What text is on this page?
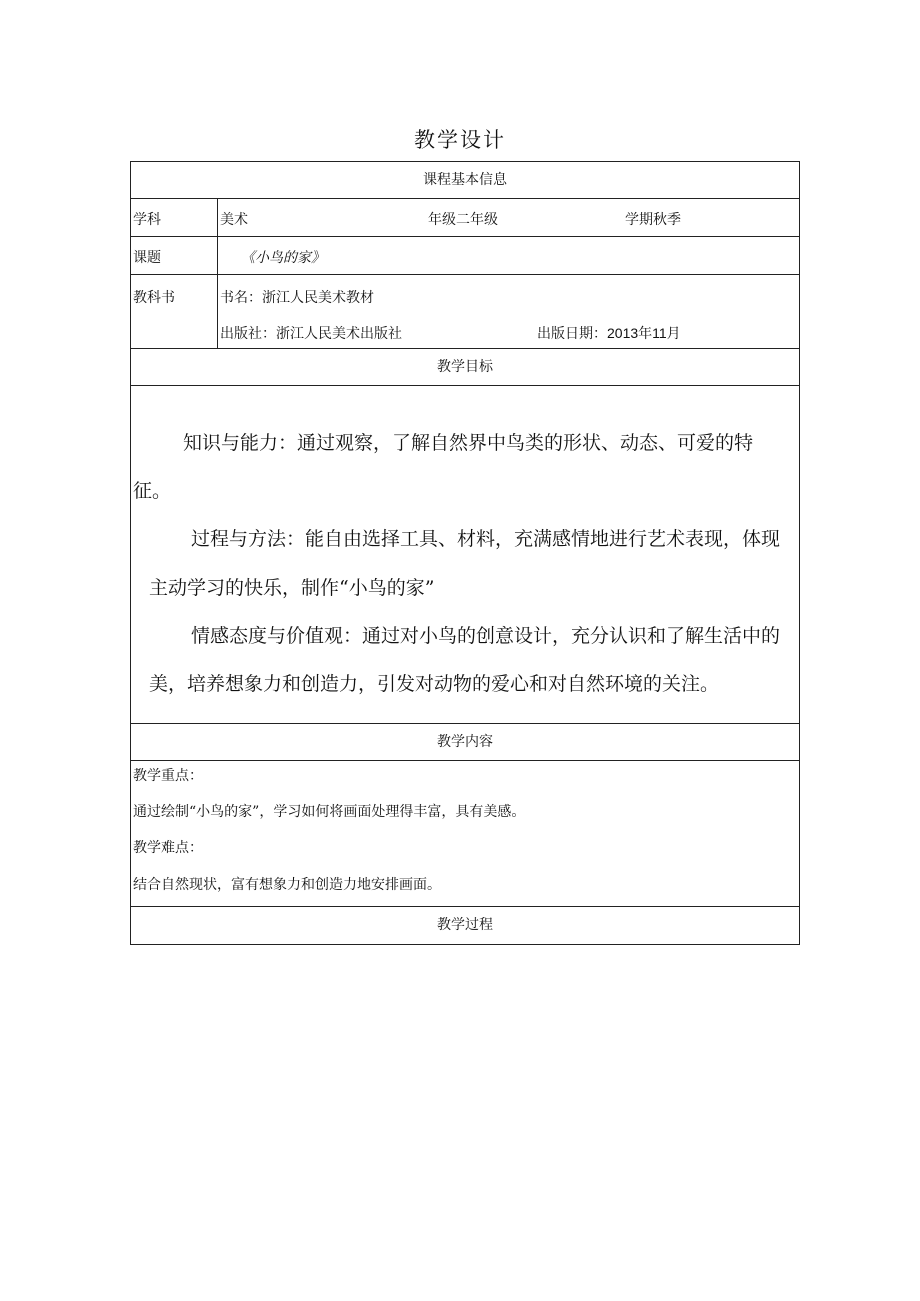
教学设计
课程基本信息
学科	美术	年级二年级	学期秋季
课题	《小鸟的家》
教科书	书名：浙江人民美术教材
出版社：浙江人民美术出版社	出版日期：2013年11月
教学目标
知识与能力：通过观察，了解自然界中鸟类的形状、动态、可爱的特
征。
过程与方法：能自由选择工具、材料，充满感情地进行艺术表现，体现
主动学习的快乐，制作“小鸟的家”
情感态度与价值观：通过对小鸟的创意设计，充分认识和了解生活中的
美，培养想象力和创造力，引发对动物的爱心和对自然环境的关注。
教学内容
教学重点：
通过绘制“小鸟的家”，学习如何将画面处理得丰富，具有美感。
教学难点：
结合自然现状，富有想象力和创造力地安排画面。
教学过程
